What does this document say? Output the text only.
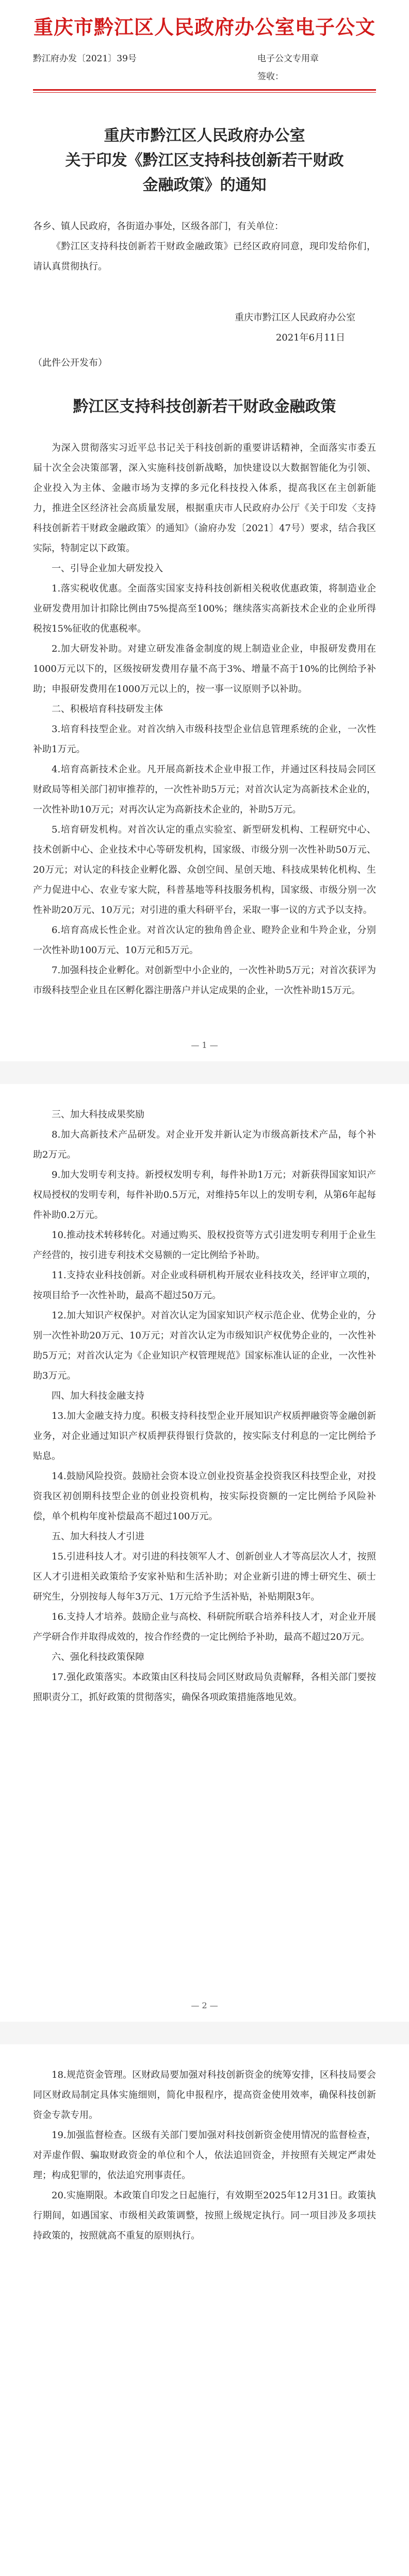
重庆市黔江区人民政府办公室电子公文
黔江府办发〔2021〕39号	电子公文专用章
签收：
重庆市黔江区人民政府办公室
关于印发《黔江区支持科技创新若干财政
金融政策》的通知

各乡、镇人民政府，各街道办事处，区级各部门，有关单位：

《黔江区支持科技创新若干财政金融政策》已经区政府同意，现印发给你们，请认真贯彻执行。

重庆市黔江区人民政府办公室

2021年6月11日

（此件公开发布）

黔江区支持科技创新若干财政金融政策

为深入贯彻落实习近平总书记关于科技创新的重要讲话精神，全面落实市委五届十次全会决策部署，深入实施科技创新战略，加快建设以大数据智能化为引领、企业投入为主体、金融市场为支撑的多元化科技投入体系，提高我区在主创新能力，推进全区经济社会高质量发展，根据重庆市人民政府办公厅《关于印发〈支持科技创新若干财政金融政策〉的通知》（渝府办发〔2021〕47号）要求，结合我区实际，特制定以下政策。

一、引导企业加大研发投入

1.落实税收优惠。全面落实国家支持科技创新相关税收优惠政策，将制造业企业研发费用加计扣除比例由75%提高至100%；继续落实高新技术企业的企业所得税按15%征收的优惠税率。

2.加大研发补助。对建立研发准备金制度的规上制造业企业，申报研发费用在1000万元以下的，区级按研发费用存量不高于3%、增量不高于10%的比例给予补助；申报研发费用在1000万元以上的，按一事一议原则予以补助。

二、积极培育科技研发主体

3.培育科技型企业。对首次纳入市级科技型企业信息管理系统的企业，一次性补助1万元。

4.培育高新技术企业。凡开展高新技术企业申报工作，并通过区科技局会同区财政局等相关部门初审推荐的，一次性补助5万元；对首次认定为高新技术企业的，一次性补助10万元；对再次认定为高新技术企业的，补助5万元。

5.培育研发机构。对首次认定的重点实验室、新型研发机构、工程研究中心、技术创新中心、企业技术中心等研发机构，国家级、市级分别一次性补助50万元、20万元；对认定的科技企业孵化器、众创空间、星创天地、科技成果转化机构、生产力促进中心、农业专家大院，科普基地等科技服务机构，国家级、市级分别一次性补助20万元、10万元；对引进的重大科研平台，采取一事一议的方式予以支持。

6.培育高成长性企业。对首次认定的独角兽企业、瞪羚企业和牛羚企业，分别一次性补助100万元、10万元和5万元。

7.加强科技企业孵化。对创新型中小企业的，一次性补助5万元；对首次获评为市级科技型企业且在区孵化器注册落户并认定成果的企业，一次性补助15万元。

— 1 —

三、加大科技成果奖励

8.加大高新技术产品研发。对企业开发并新认定为市级高新技术产品，每个补助2万元。

9.加大发明专利支持。新授权发明专利，每件补助1万元；对新获得国家知识产权局授权的发明专利，每件补助0.5万元，对维持5年以上的发明专利，从第6年起每件补助0.2万元。

10.推动技术转移转化。对通过购买、股权投资等方式引进发明专利用于企业生产经营的，按引进专利技术交易额的一定比例给予补助。

11.支持农业科技创新。对企业或科研机构开展农业科技攻关，经评审立项的，按项目给予一次性补助，最高不超过50万元。

12.加大知识产权保护。对首次认定为国家知识产权示范企业、优势企业的，分别一次性补助20万元、10万元；对首次认定为市级知识产权优势企业的，一次性补助5万元；对首次认定为《企业知识产权管理规范》国家标准认证的企业，一次性补助3万元。

四、加大科技金融支持

13.加大金融支持力度。积极支持科技型企业开展知识产权质押融资等金融创新业务，对企业通过知识产权质押获得银行贷款的，按实际支付利息的一定比例给予贴息。

14.鼓励风险投资。鼓励社会资本设立创业投资基金投资我区科技型企业，对投资我区初创期科技型企业的创业投资机构，按实际投资额的一定比例给予风险补偿，单个机构年度补偿最高不超过100万元。

五、加大科技人才引进

15.引进科技人才。对引进的科技领军人才、创新创业人才等高层次人才，按照区人才引进相关政策给予安家补贴和生活补助；对企业新引进的博士研究生、硕士研究生，分别按每人每年3万元、1万元给予生活补贴，补贴期限3年。

16.支持人才培养。鼓励企业与高校、科研院所联合培养科技人才，对企业开展产学研合作并取得成效的，按合作经费的一定比例给予补助，最高不超过20万元。

六、强化科技政策保障

17.强化政策落实。本政策由区科技局会同区财政局负责解释，各相关部门要按照职责分工，抓好政策的贯彻落实，确保各项政策措施落地见效。

— 2 —

18.规范资金管理。区财政局要加强对科技创新资金的统筹安排，区科技局要会同区财政局制定具体实施细则，简化申报程序，提高资金使用效率，确保科技创新资金专款专用。

19.加强监督检查。区级有关部门要加强对科技创新资金使用情况的监督检查，对弄虚作假、骗取财政资金的单位和个人，依法追回资金，并按照有关规定严肃处理；构成犯罪的，依法追究刑事责任。

20.实施期限。本政策自印发之日起施行，有效期至2025年12月31日。政策执行期间，如遇国家、市级相关政策调整，按照上级规定执行。同一项目涉及多项扶持政策的，按照就高不重复的原则执行。
